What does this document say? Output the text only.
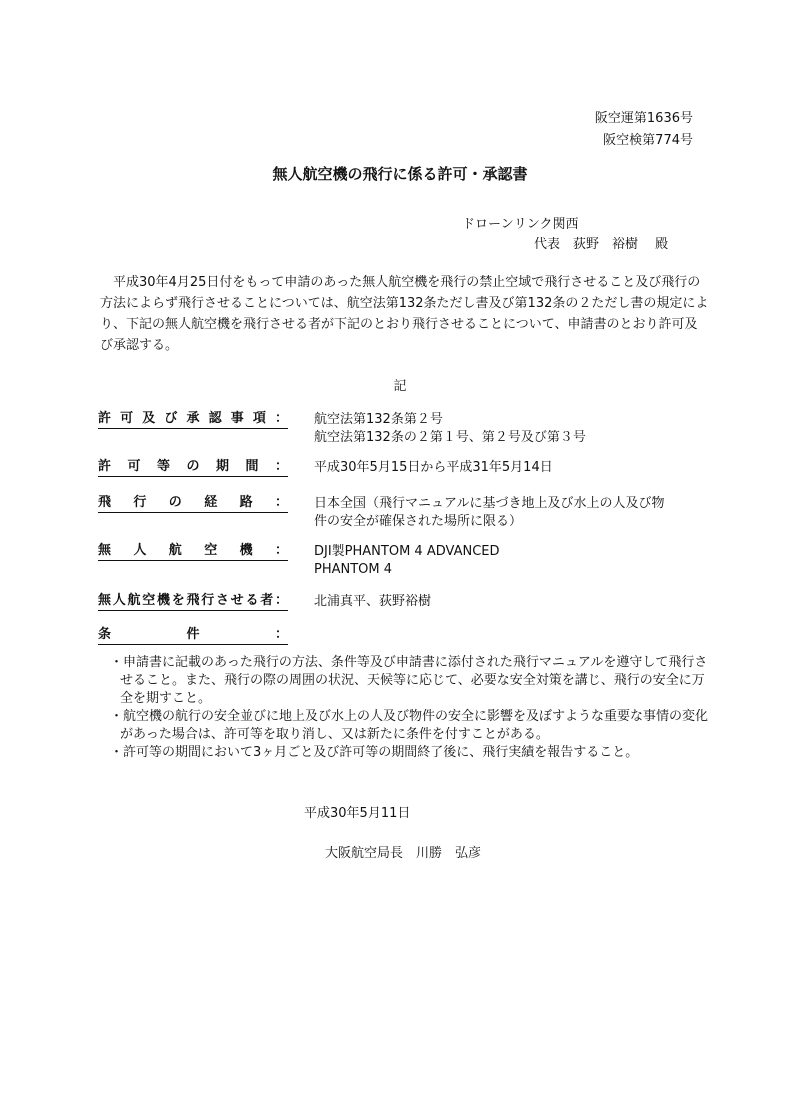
阪空運第1636号
阪空検第774号
無人航空機の飛行に係る許可・承認書
ドローンリンク関西
代表　荻野　裕樹　 殿
平成30年4月25日付をもって申請のあった無人航空機を飛行の禁止空域で飛行させること及び飛行の方法によらず飛行させることについては、航空法第132条ただし書及び第132条の２ただし書の規定により、下記の無人航空機を飛行させる者が下記のとおり飛行させることについて、申請書のとおり許可及び承認する。
記
許可及び承認事項： 航空法第132条第２号
航空法第132条の２第１号、第２号及び第３号
許可等の期間： 平成30年5月15日から平成31年5月14日
飛行の経路： 日本全国（飛行マニュアルに基づき地上及び水上の人及び物
件の安全が確保された場所に限る）
無人航空機： DJI製PHANTOM 4 ADVANCED
PHANTOM 4
無人航空機を飛行させる者： 北浦真平、荻野裕樹
条件：
・申請書に記載のあった飛行の方法、条件等及び申請書に添付された飛行マニュアルを遵守して飛行させること。また、飛行の際の周囲の状況、天候等に応じて、必要な安全対策を講じ、飛行の安全に万全を期すこと。
・航空機の航行の安全並びに地上及び水上の人及び物件の安全に影響を及ぼすような重要な事情の変化があった場合は、許可等を取り消し、又は新たに条件を付すことがある。
・許可等の期間において3ヶ月ごと及び許可等の期間終了後に、飛行実績を報告すること。
平成30年5月11日
大阪航空局長　川勝　弘彦
